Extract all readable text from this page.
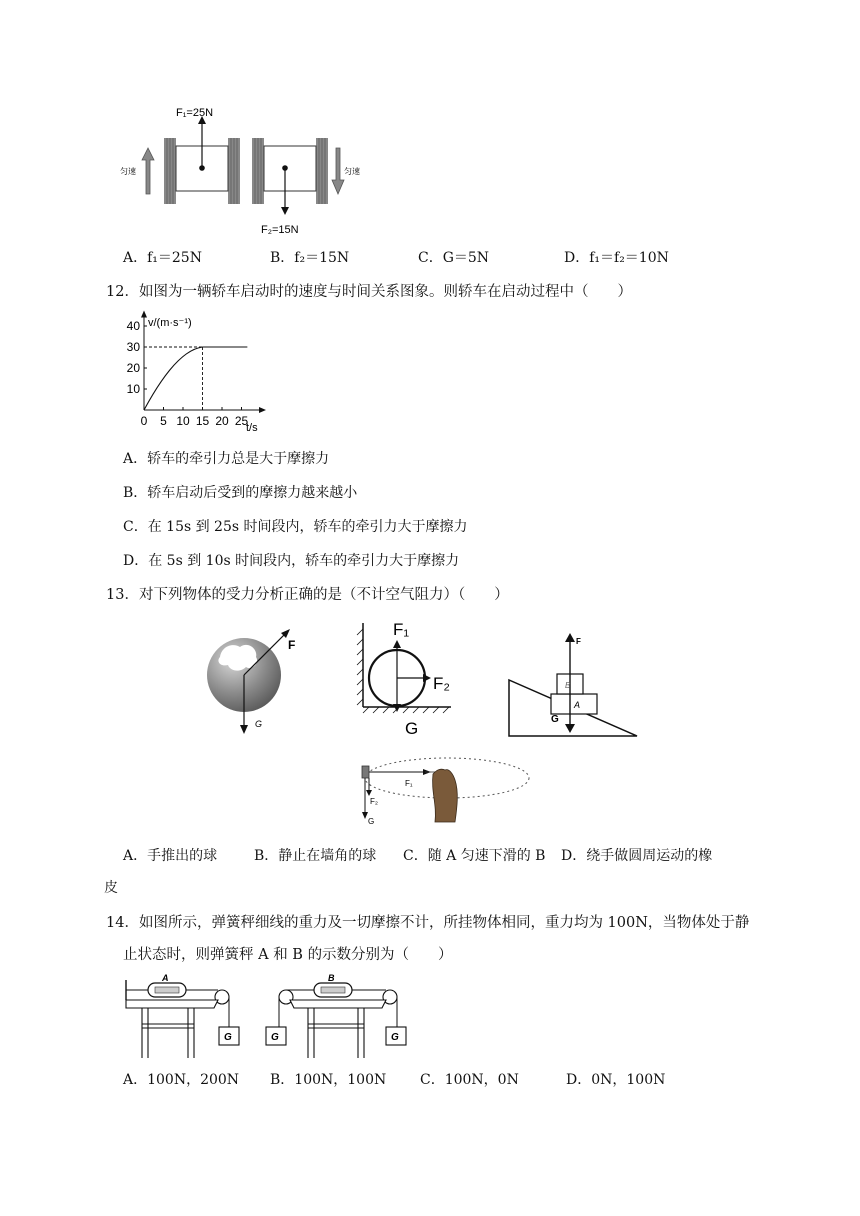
F₁=25N
匀速
F₂=15N
匀速
A．f₁＝25N	B．f₂＝15N	C．G＝5N	D．f₁＝f₂＝10N
12．如图为一辆轿车启动时的速度与时间关系图象。则轿车在启动过程中（　　）
v/(m·s⁻¹)
t/s
40
30
20
10
0 5 10 15 20 25
A．轿车的牵引力总是大于摩擦力
B．轿车启动后受到的摩擦力越来越小
C．在 15s 到 25s 时间段内，轿车的牵引力大于摩擦力
D．在 5s 到 10s 时间段内，轿车的牵引力大于摩擦力
13．对下列物体的受力分析正确的是（不计空气阻力）（　　）
F
G
F₁
F₂
G
F
G
A
B
F₁
F₂
G
A．手推出的球	B．静止在墙角的球 C．随 A 匀速下滑的 B D．绕手做圆周运动的橡
皮
14．如图所示，弹簧秤细线的重力及一切摩擦不计，所挂物体相同，重力均为 100N，当物体处于静
止状态时，则弹簧秤 A 和 B 的示数分别为（　　）
A
G	G
B
G
A．100N，200N B．100N，100N C．100N，0N	D．0N，100N
